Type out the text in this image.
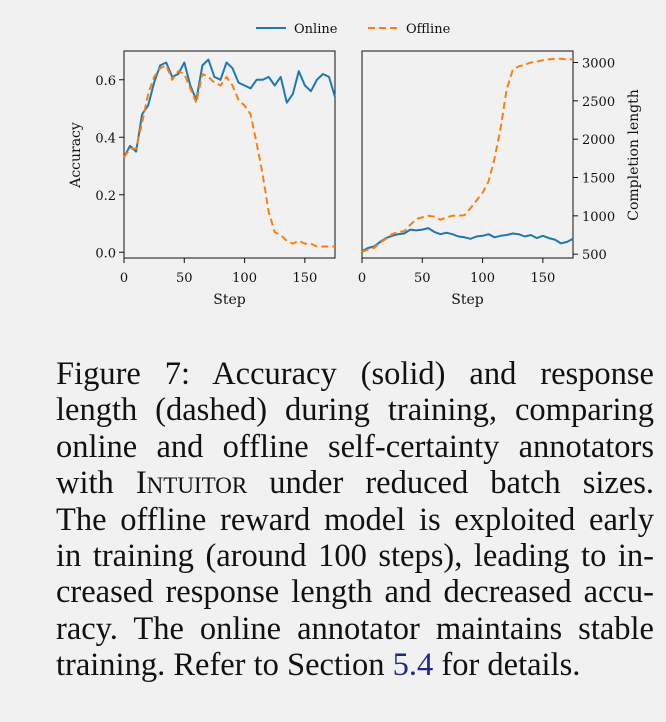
Online	Offline
0	50	100	150
0.0
0.2
0.4
0.6
Step
Accuracy
0	50	100	150
500
1000
1500
2000
2500
3000
Step
Completion length
Figure 7: Accuracy (solid) and response
length (dashed) during training, comparing
online and offline self-certainty annotators
with Intuitor under reduced batch sizes.
The offline reward model is exploited early
in training (around 100 steps), leading to in-
creased response length and decreased accu-
racy. The online annotator maintains stable
training. Refer to Section 5.4 for details.
